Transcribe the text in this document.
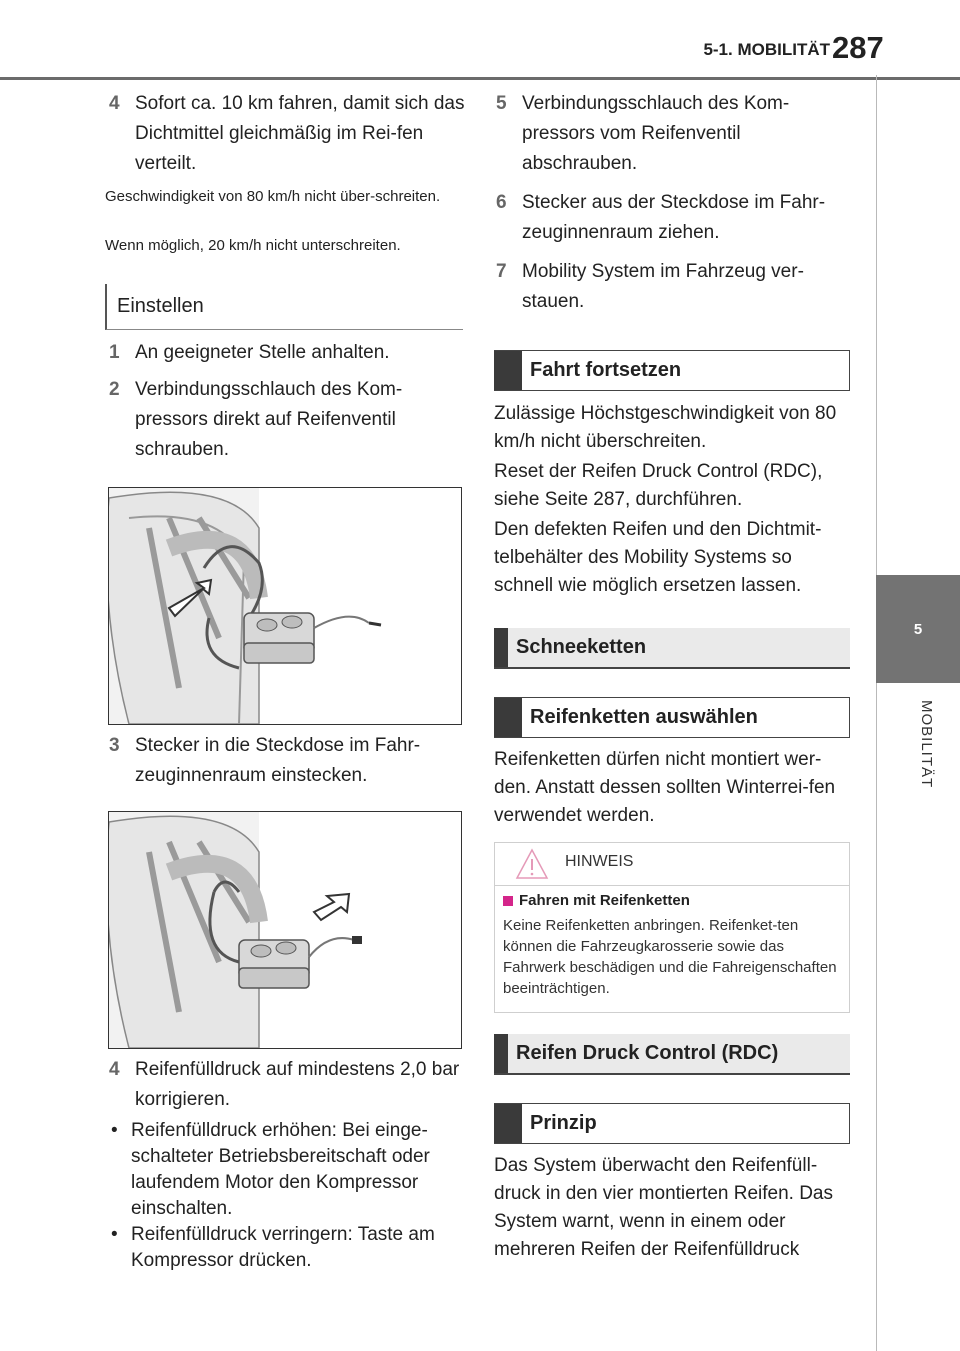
5-1. MOBILITÄT 287
5
MOBILITÄT
4 Sofort ca. 10 km fahren, damit sich das Dichtmittel gleichmäßig im Rei-fen verteilt.
Geschwindigkeit von 80 km/h nicht über-schreiten.
Wenn möglich, 20 km/h nicht unterschreiten.
Einstellen
1 An geeigneter Stelle anhalten.
2 Verbindungsschlauch des Kom-pressors direkt auf Reifenventil schrauben.
3 Stecker in die Steckdose im Fahr-zeuginnenraum einstecken.
4 Reifenfülldruck auf mindestens 2,0 bar korrigieren.
• Reifenfülldruck erhöhen: Bei einge-schalteter Betriebsbereitschaft oder laufendem Motor den Kompressor einschalten.
• Reifenfülldruck verringern: Taste am Kompressor drücken.
5 Verbindungsschlauch des Kom-pressors vom Reifenventil abschrauben.
6 Stecker aus der Steckdose im Fahr-zeuginnenraum ziehen.
7 Mobility System im Fahrzeug ver-stauen.
Fahrt fortsetzen
Zulässige Höchstgeschwindigkeit von 80 km/h nicht überschreiten.
Reset der Reifen Druck Control (RDC), siehe Seite 287, durchführen.
Den defekten Reifen und den Dichtmit-telbehälter des Mobility Systems so schnell wie möglich ersetzen lassen.
Schneeketten
Reifenketten auswählen
Reifenketten dürfen nicht montiert wer-den. Anstatt dessen sollten Winterrei-fen verwendet werden.
HINWEIS
Fahren mit Reifenketten
Keine Reifenketten anbringen. Reifenket-ten können die Fahrzeugkarosserie sowie das Fahrwerk beschädigen und die Fahreigenschaften beeinträchtigen.
Reifen Druck Control (RDC)
Prinzip
Das System überwacht den Reifenfüll-druck in den vier montierten Reifen. Das System warnt, wenn in einem oder mehreren Reifen der Reifenfülldruck
